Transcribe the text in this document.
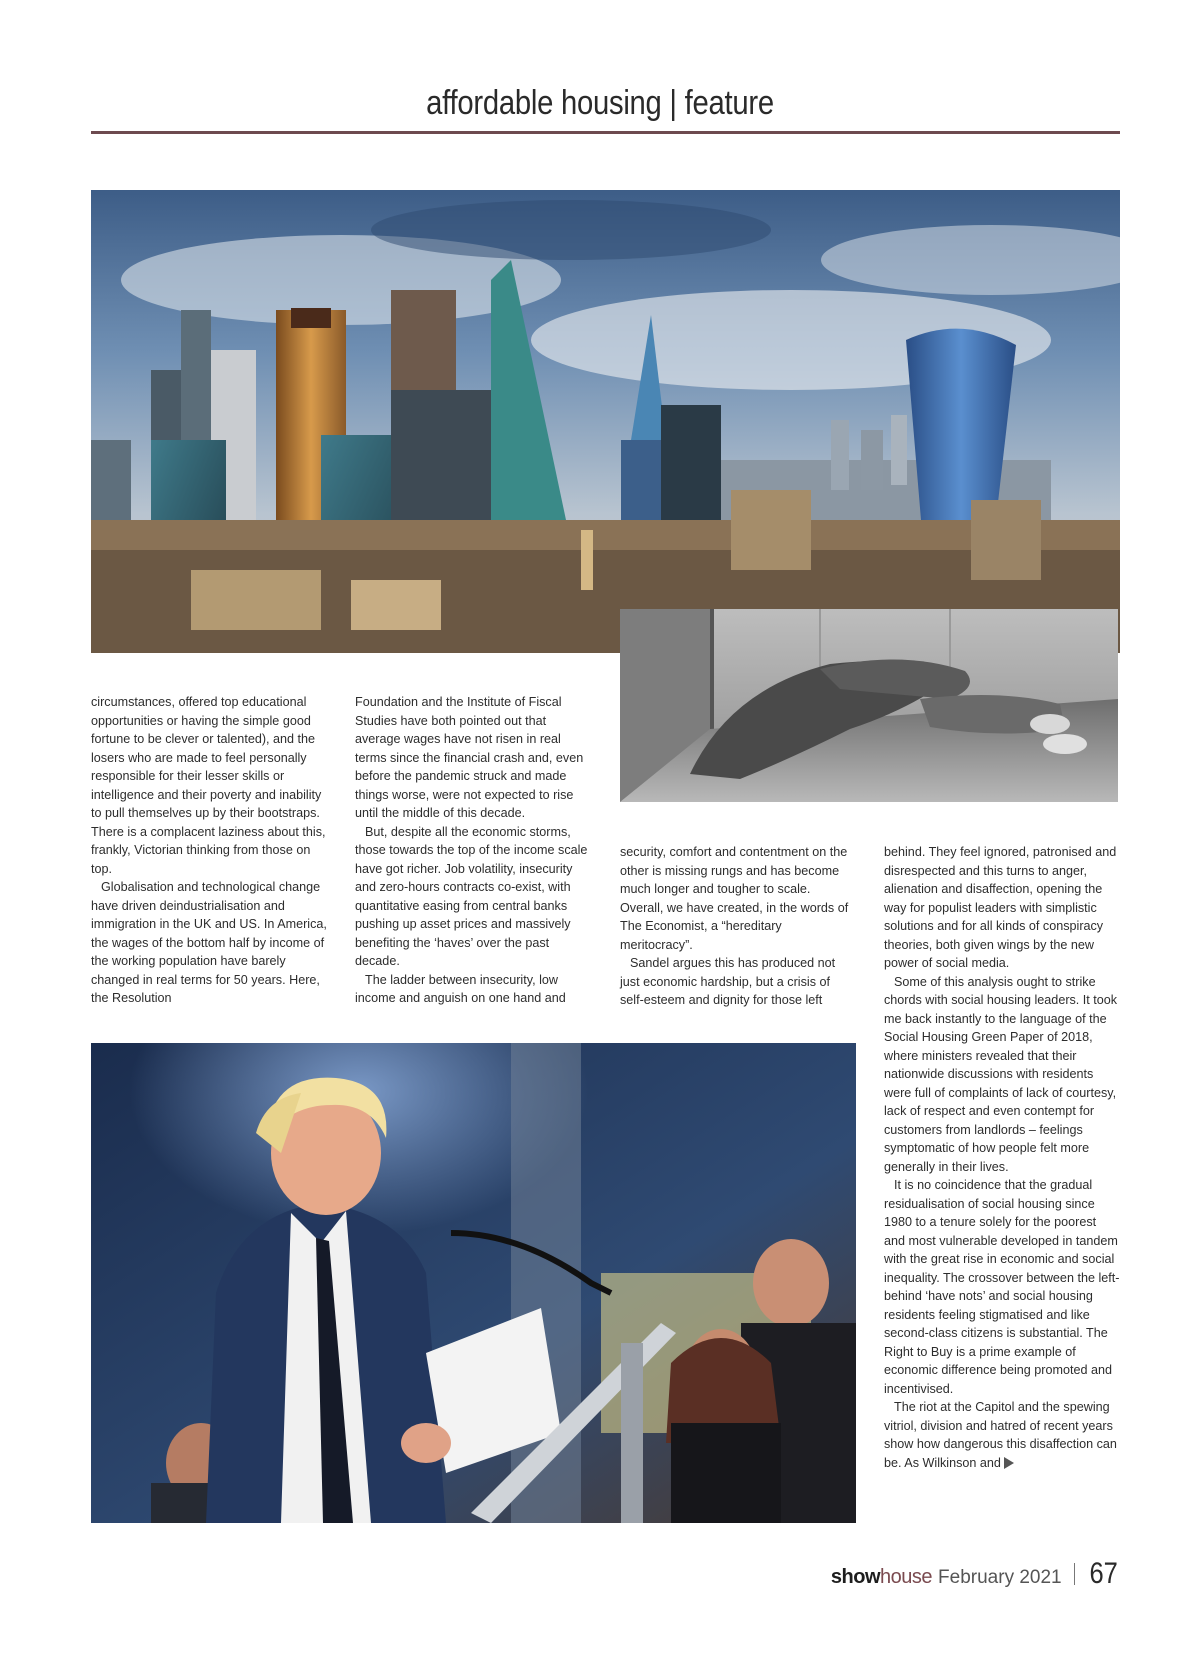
affordable housing | feature

circumstances, offered top educational opportunities or having the simple good fortune to be clever or talented), and the losers who are made to feel personally responsible for their lesser skills or intelligence and their poverty and inability to pull themselves up by their bootstraps. There is a complacent laziness about this, frankly, Victorian thinking from those on top.

Globalisation and technological change have driven deindustrialisation and immigration in the UK and US. In America, the wages of the bottom half by income of the working population have barely changed in real terms for 50 years. Here, the Resolution

Foundation and the Institute of Fiscal Studies have both pointed out that average wages have not risen in real terms since the financial crash and, even before the pandemic struck and made things worse, were not expected to rise until the middle of this decade.

But, despite all the economic storms, those towards the top of the income scale have got richer. Job volatility, insecurity and zero-hours contracts co-exist, with quantitative easing from central banks pushing up asset prices and massively benefiting the ‘haves’ over the past decade.

The ladder between insecurity, low income and anguish on one hand and

security, comfort and contentment on the other is missing rungs and has become much longer and tougher to scale. Overall, we have created, in the words of The Economist, a “hereditary meritocracy”.

Sandel argues this has produced not just economic hardship, but a crisis of self-esteem and dignity for those left

behind. They feel ignored, patronised and disrespected and this turns to anger, alienation and disaffection, opening the way for populist leaders with simplistic solutions and for all kinds of conspiracy theories, both given wings by the new power of social media.

Some of this analysis ought to strike chords with social housing leaders. It took me back instantly to the language of the Social Housing Green Paper of 2018, where ministers revealed that their nationwide discussions with residents were full of complaints of lack of courtesy, lack of respect and even contempt for customers from landlords – feelings symptomatic of how people felt more generally in their lives.

It is no coincidence that the gradual residualisation of social housing since 1980 to a tenure solely for the poorest and most vulnerable developed in tandem with the great rise in economic and social inequality. The crossover between the left-behind ‘have nots’ and social housing residents feeling stigmatised and like second-class citizens is substantial. The Right to Buy is a prime example of economic difference being promoted and incentivised.

The riot at the Capitol and the spewing vitriol, division and hatred of recent years show how dangerous this disaffection can be. As Wilkinson and

show house February 2021 67
